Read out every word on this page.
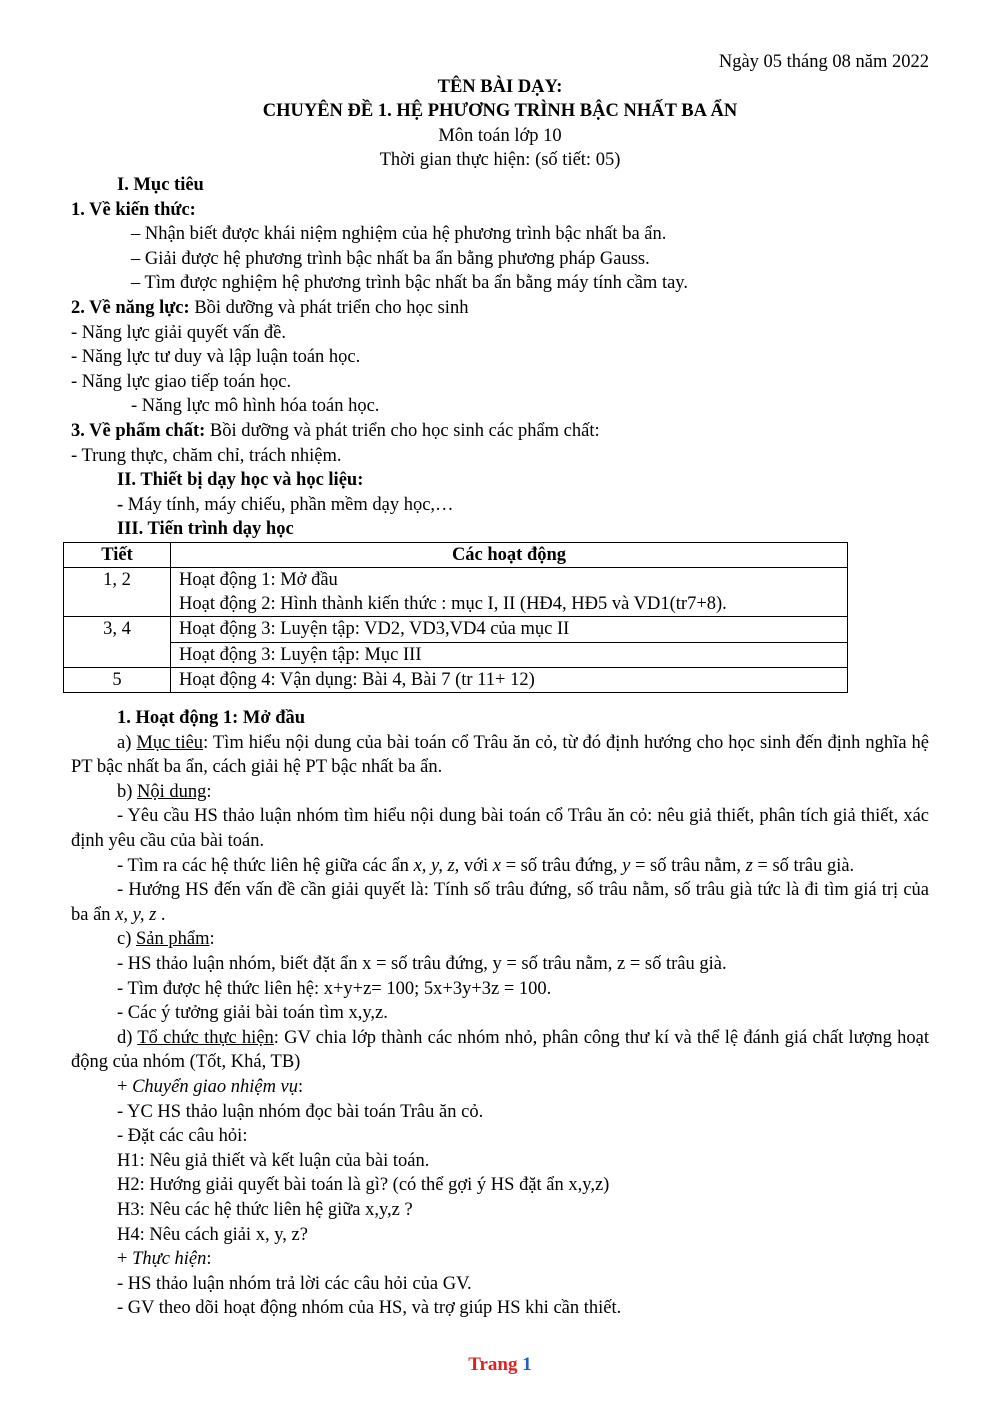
Ngày 05 tháng 08 năm 2022

TÊN BÀI DẠY:

CHUYÊN ĐỀ 1. HỆ PHƯƠNG TRÌNH BẬC NHẤT BA ẨN

Môn toán lớp 10

Thời gian thực hiện: (số tiết: 05)

I. Mục tiêu

1. Về kiến thức:

– Nhận biết được khái niệm nghiệm của hệ phương trình bậc nhất ba ẩn.

– Giải được hệ phương trình bậc nhất ba ẩn bằng phương pháp Gauss.

– Tìm được nghiệm hệ phương trình bậc nhất ba ẩn bằng máy tính cầm tay.

2. Về năng lực: Bồi dưỡng và phát triển cho học sinh

- Năng lực giải quyết vấn đề.

- Năng lực tư duy và lập luận toán học.

- Năng lực giao tiếp toán học.

- Năng lực mô hình hóa toán học.

3. Về phẩm chất: Bồi dưỡng và phát triển cho học sinh các phẩm chất:

- Trung thực, chăm chỉ, trách nhiệm.

II. Thiết bị dạy học và học liệu:

- Máy tính, máy chiếu, phần mềm dạy học,…

III. Tiến trình dạy học

Tiết	Các hoạt động
1, 2	Hoạt động 1: Mở đầu
Hoạt động 2: Hình thành kiến thức : mục I, II (HĐ4, HĐ5 và VD1(tr7+8).

3, 4	Hoạt động 3: Luyện tập: VD2, VD3,VD4 của mục II
	Hoạt động 3: Luyện tập: Mục III
5	Hoạt động 4: Vận dụng: Bài 4, Bài 7 (tr 11+ 12)

1. Hoạt động 1: Mở đầu

a) Mục tiêu: Tìm hiểu nội dung của bài toán cổ Trâu ăn cỏ, từ đó định hướng cho học sinh đến định nghĩa hệ PT bậc nhất ba ẩn, cách giải hệ PT bậc nhất ba ẩn.

b) Nội dung:

- Yêu cầu HS thảo luận nhóm tìm hiểu nội dung bài toán cổ Trâu ăn cỏ: nêu giả thiết, phân tích giả thiết, xác định yêu cầu của bài toán.

- Tìm ra các hệ thức liên hệ giữa các ẩn x, y, z, với x = số trâu đứng, y = số trâu nằm, z = số trâu già.

- Hướng HS đến vấn đề cần giải quyết là: Tính số trâu đứng, số trâu nằm, số trâu già tức là đi tìm giá trị của ba ẩn x, y, z .

c) Sản phẩm:

- HS thảo luận nhóm, biết đặt ẩn x = số trâu đứng, y = số trâu nằm, z = số trâu già.

- Tìm được hệ thức liên hệ: x+y+z= 100; 5x+3y+3z = 100.

- Các ý tưởng giải bài toán tìm x,y,z.

d) Tổ chức thực hiện: GV chia lớp thành các nhóm nhỏ, phân công thư kí và thể lệ đánh giá chất lượng hoạt động của nhóm (Tốt, Khá, TB)

+ Chuyển giao nhiệm vụ:

- YC HS thảo luận nhóm đọc bài toán Trâu ăn cỏ.

- Đặt các câu hỏi:

H1: Nêu giả thiết và kết luận của bài toán.

H2: Hướng giải quyết bài toán là gì? (có thể gợi ý HS đặt ẩn x,y,z)

H3: Nêu các hệ thức liên hệ giữa x,y,z ?

H4: Nêu cách giải x, y, z?

+ Thực hiện:

- HS thảo luận nhóm trả lời các câu hỏi của GV.

- GV theo dõi hoạt động nhóm của HS, và trợ giúp HS khi cần thiết.

Trang 1
